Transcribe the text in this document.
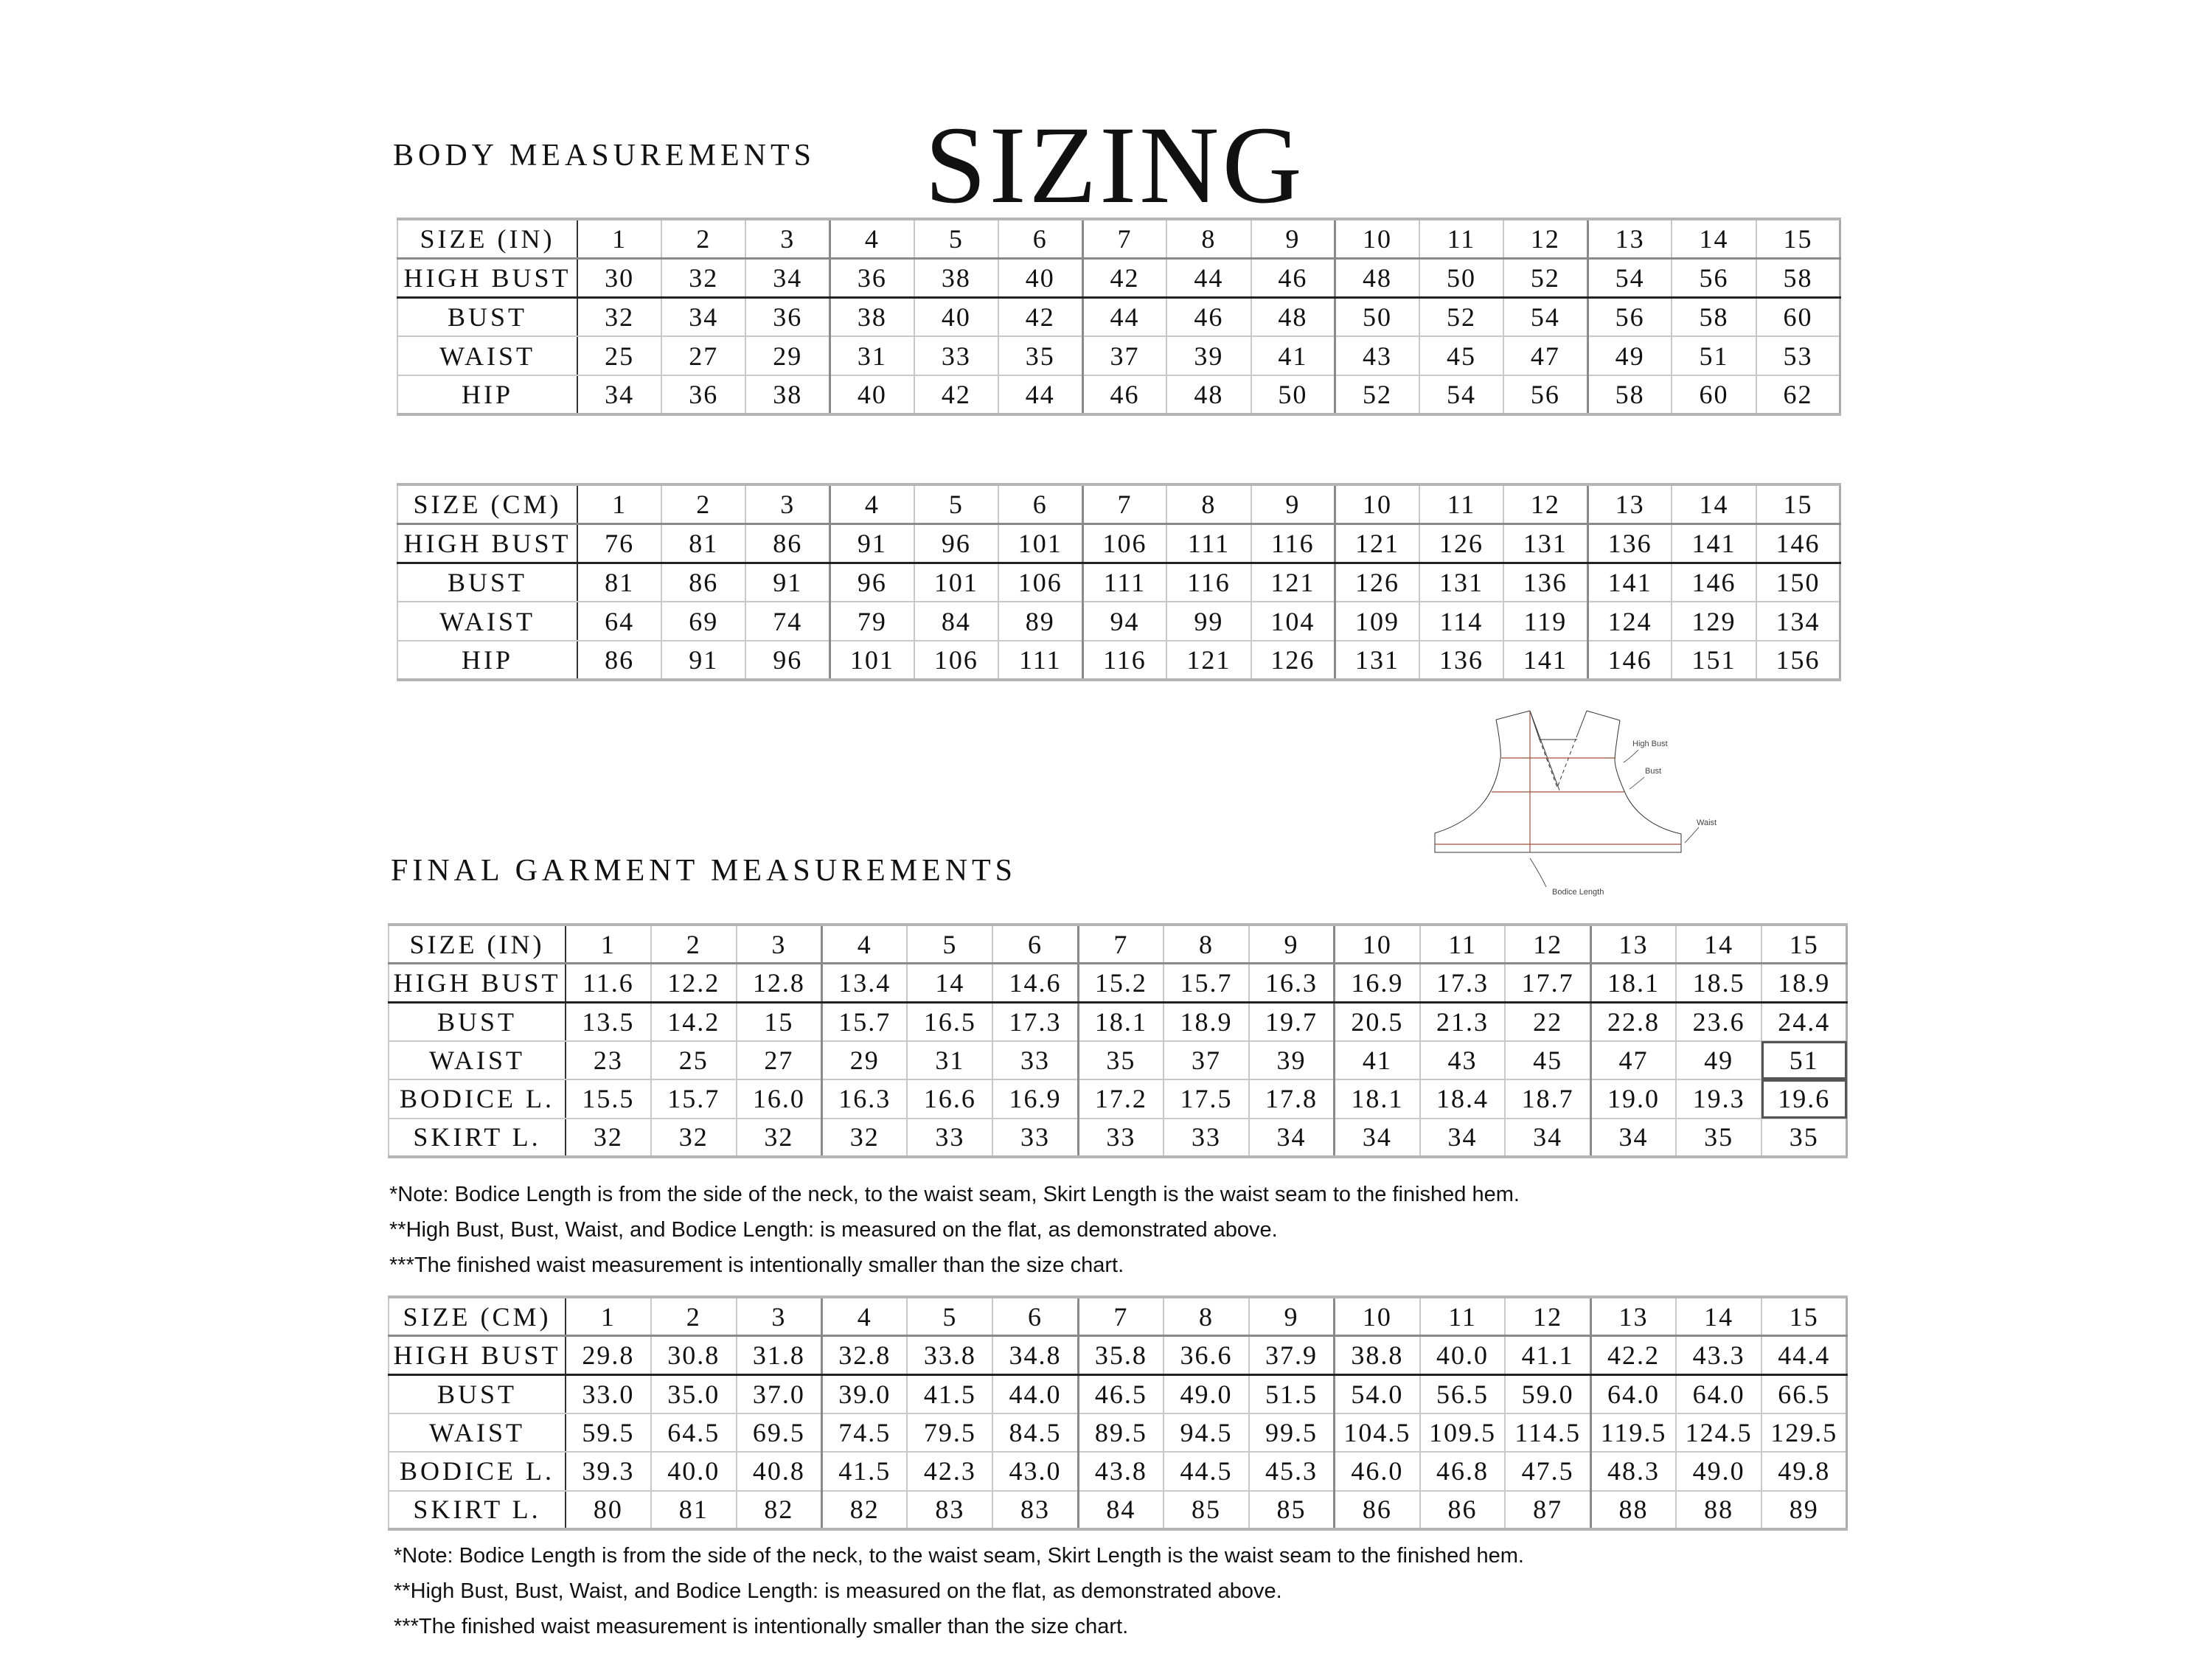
SIZING
BODY MEASUREMENTS
SIZE (IN)	1	2	3	4	5	6	7	8	9	10	11	12	13	14	15
HIGH BUST	30	32	34	36	38	40	42	44	46	48	50	52	54	56	58
BUST	32	34	36	38	40	42	44	46	48	50	52	54	56	58	60
WAIST	25	27	29	31	33	35	37	39	41	43	45	47	49	51	53
HIP	34	36	38	40	42	44	46	48	50	52	54	56	58	60	62
SIZE (CM)	1	2	3	4	5	6	7	8	9	10	11	12	13	14	15
HIGH BUST	76	81	86	91	96	101	106	111	116	121	126	131	136	141	146
BUST	81	86	91	96	101	106	111	116	121	126	131	136	141	146	150
WAIST	64	69	74	79	84	89	94	99	104	109	114	119	124	129	134
HIP	86	91	96	101	106	111	116	121	126	131	136	141	146	151	156
High Bust
Bust
Waist
Bodice Length
FINAL GARMENT MEASUREMENTS
SIZE (IN)	1	2	3	4	5	6	7	8	9	10	11	12	13	14	15
HIGH BUST	11.6	12.2	12.8	13.4	14	14.6	15.2	15.7	16.3	16.9	17.3	17.7	18.1	18.5	18.9
BUST	13.5	14.2	15	15.7	16.5	17.3	18.1	18.9	19.7	20.5	21.3	22	22.8	23.6	24.4
WAIST	23	25	27	29	31	33	35	37	39	41	43	45	47	49	51
BODICE L.	15.5	15.7	16.0	16.3	16.6	16.9	17.2	17.5	17.8	18.1	18.4	18.7	19.0	19.3	19.6
SKIRT L.	32	32	32	32	33	33	33	33	34	34	34	34	34	35	35
*Note: Bodice Length is from the side of the neck, to the waist seam, Skirt Length is the waist seam to the finished hem.
**High Bust, Bust, Waist, and Bodice Length: is measured on the flat, as demonstrated above.
***The finished waist measurement is intentionally smaller than the size chart.
SIZE (CM)	1	2	3	4	5	6	7	8	9	10	11	12	13	14	15
HIGH BUST	29.8	30.8	31.8	32.8	33.8	34.8	35.8	36.6	37.9	38.8	40.0	41.1	42.2	43.3	44.4
BUST	33.0	35.0	37.0	39.0	41.5	44.0	46.5	49.0	51.5	54.0	56.5	59.0	64.0	64.0	66.5
WAIST	59.5	64.5	69.5	74.5	79.5	84.5	89.5	94.5	99.5	104.5	109.5	114.5	119.5	124.5	129.5
BODICE L.	39.3	40.0	40.8	41.5	42.3	43.0	43.8	44.5	45.3	46.0	46.8	47.5	48.3	49.0	49.8
SKIRT L.	80	81	82	82	83	83	84	85	85	86	86	87	88	88	89
*Note: Bodice Length is from the side of the neck, to the waist seam, Skirt Length is the waist seam to the finished hem.
**High Bust, Bust, Waist, and Bodice Length: is measured on the flat, as demonstrated above.
***The finished waist measurement is intentionally smaller than the size chart.
